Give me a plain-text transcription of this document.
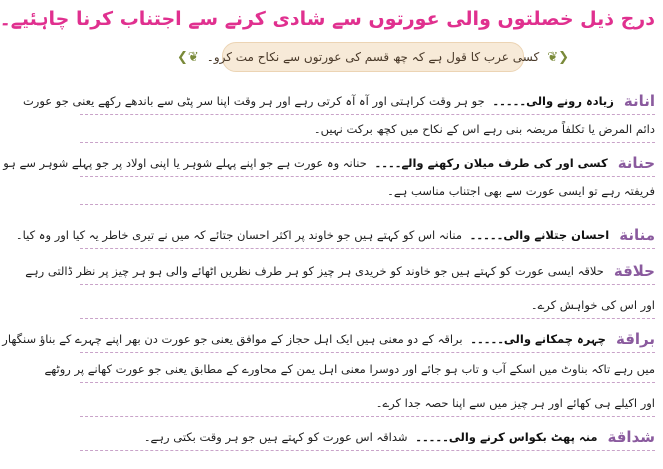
درج ذیل خصلتوں والی عورتوں سے شادی کرنے سے اجتناب کرنا چاہئیے۔
❮❦
کسی عرب کا قول ہے کہ چھ قسم کی عورتوں سے نکاح مت کرو۔
❦❯
انانة
زیادہ رونے والی۔۔۔۔۔ جو ہر وقت کراہتی اور آہ آہ کرتی رہے اور ہر وقت اپنا سر پٹی سے باندھے رکھے یعنی جو عورت
دائم المرض یا تکلفاً مریضہ بنی رہے اس کے نکاح میں کچھ برکت نہیں۔
حنانة
کسی اور کی طرف میلان رکھنے والے۔۔۔۔ حنانہ وہ عورت ہے جو اپنے پہلے شوہر یا اپنی اولاد پر جو پہلے شوہر سے ہو
فریفتہ رہے تو ایسی عورت سے بھی اجتناب مناسب ہے۔
منانة
احسان جتلانے والی۔۔۔۔۔ منانہ اس کو کہتے ہیں جو خاوند پر اکثر احسان جتائے کہ میں نے تیری خاطر یہ کیا اور وہ کیا۔
حلاقة
حلاقہ ایسی عورت کو کہتے ہیں جو خاوند کو خریدی ہر چیز کو ہر طرف نظریں اٹھائے والی ہو ہر چیز پر نظر ڈالتی رہے
اور اس کی خواہش کرے۔
براقة
چہرہ چمکانے والی۔۔۔۔۔ براقہ کے دو معنی ہیں ایک اہل حجاز کے موافق یعنی جو عورت دن بھر اپنے چہرے کے بناؤ سنگھار
میں رہے تاکہ بناوٹ میں اسکے آب و تاب ہو جائے اور دوسرا معنی اہل یمن کے محاورے کے مطابق یعنی جو عورت کھانے پر روٹھے
اور اکیلے ہی کھائے اور ہر چیز میں سے اپنا حصہ جدا کرے۔
شداقة
منہ پھٹ بکواس کرنے والی۔۔۔۔۔ شداقہ اس عورت کو کہتے ہیں جو ہر وقت بکتی رہے۔
